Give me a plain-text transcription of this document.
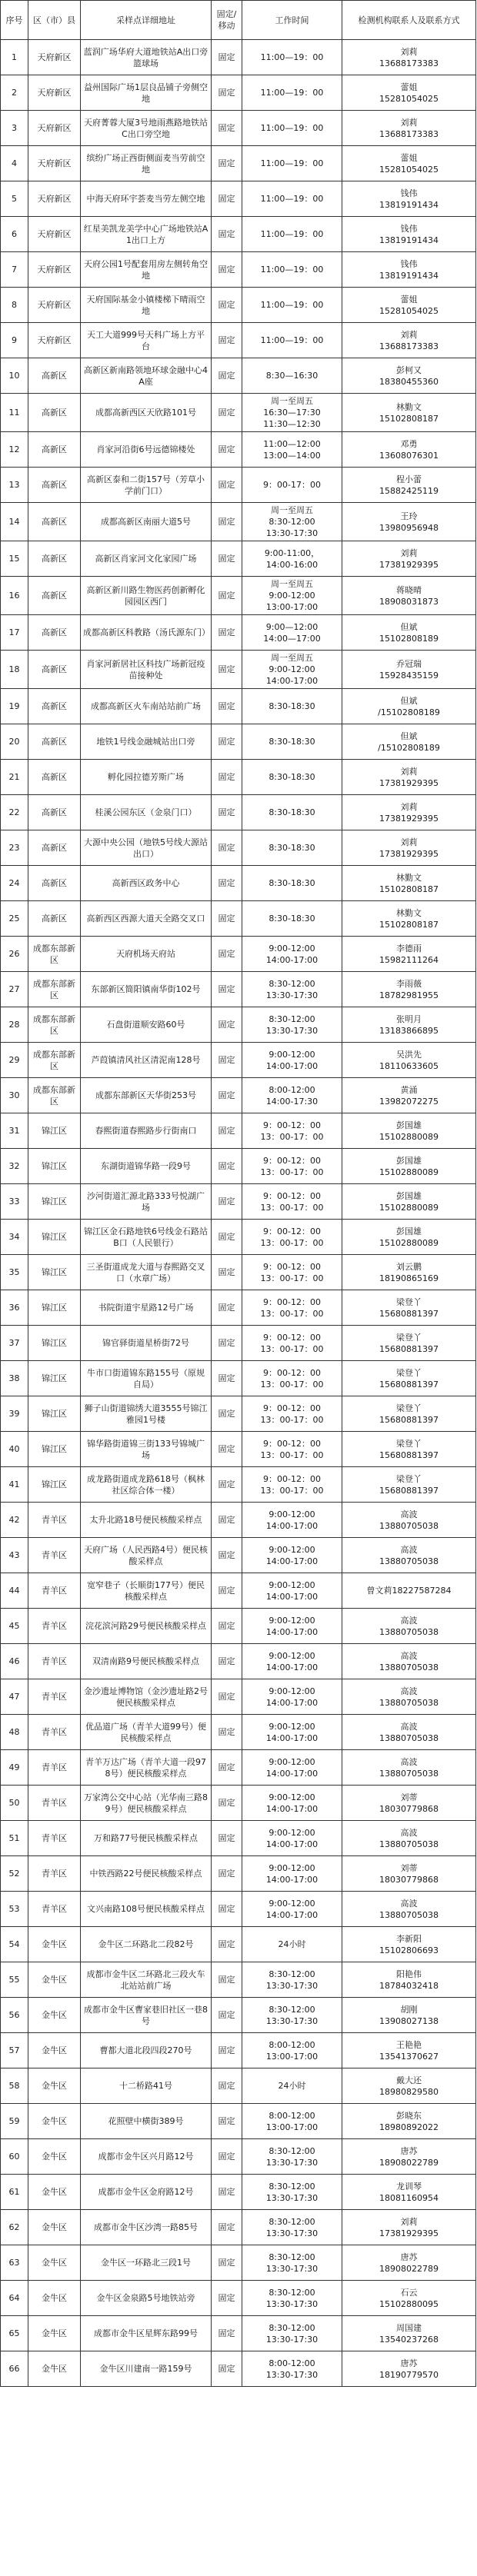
序号	区（市）县	采样点详细地址	固定/移动	工作时间	检测机构联系人及联系方式
1	天府新区	蓝润广场华府大道地铁站A出口旁篮球场	固定	11:00—19：00	刘莉
13688173383
2	天府新区	益州国际广场1层良品铺子旁侧空地	固定	11:00—19：00	蕾姐
15281054025
3	天府新区	天府菁蓉大厦3号地雨燕路地铁站C出口旁空地	固定	11:00—19：00	刘莉
13688173383
4	天府新区	缤纷广场正西街侧面麦当劳前空地	固定	11:00—19：00	蕾姐
15281054025
5	天府新区	中海天府环宇荟麦当劳左侧空地	固定	11:00—19：00	钱伟
13819191434
6	天府新区	红星美凯龙美学中心广场地铁站A1出口上方	固定	11:00—19：00	钱伟
13819191434
7	天府新区	天府公园1号配套用房左侧转角空地	固定	11:00—19：00	钱伟
13819191434
8	天府新区	天府国际基金小镇楼梯下晴雨空地	固定	11:00—19：00	蕾姐
15281054025
9	天府新区	天工大道999号天科广场上方平台	固定	11:00—19：00	刘莉
13688173383
10	高新区	高新区新南路领地环球金融中心4A座	固定	8:30—16:30	彭柯又
18380455360
11	高新区	成都高新西区天欣路101号	固定	周一至周五
16:30—17:30
11:30—12:30	林勤文
15102808187
12	高新区	肖家河沿街6号远德锦楼处	固定	11:00—12:00
13:00—14:00	邓勇
13608076301
13	高新区	高新区泰和二街157号（芳草小学前门口）	固定	9：00-17：00	程小蕾
15882425119
14	高新区	成都高新区南丽大道5号	固定	周一至周五
8:30-12:00
13:30-17:30	王玲
13980956948
15	高新区	高新区肖家河文化家园广场	固定	9:00-11:00，
14:00-16:00	刘莉
17381929395
16	高新区	高新区新川路生物医药创新孵化园园区西门	固定	周一至周五
9:00-12:00
13:00-17:00	蒋晓晴
18908031873
17	高新区	成都高新区科教路（汤氏源东门）	固定	9:00—12:00
14:00—17:00	但斌
15102808189
18	高新区	肖家河新居社区科技广场新冠疫苗接种处	固定	周一至周五
9:00-12:00
14:00-17:00	乔冠瑞
15928435159
19	高新区	成都高新区火车南站站前广场	固定	8:30-18:30	但斌
/15102808189
20	高新区	地铁1号线金融城站出口旁	固定	8:30-18:30	但斌
/15102808189
21	高新区	孵化园拉德芳斯广场	固定	8:30-18:30	刘莉
17381929395
22	高新区	桂溪公园东区（金泉门口）	固定	8:30-18:30	刘莉
17381929395
23	高新区	大源中央公园（地铁5号线大源站出口）	固定	8:30-18:30	刘莉
17381929395
24	高新区	高新西区政务中心	固定	8:30-18:30	林勤文
15102808187
25	高新区	高新西区西源大道天全路交叉口	固定	8:30-18:30	林勤文
15102808187
26	成都东部新区	天府机场天府站	固定	9:00-12:00
14:00-17:00	李德雨
15982111264
27	成都东部新区	东部新区简阳镇南华街102号	固定	8:30-12:00
13:30-17:30	李雨薇
18782981955
28	成都东部新区	石盘街道顺安路60号	固定	8:30-12:00
13:30-17:30	张明月
13183866895
29	成都东部新区	芦葭镇清风社区清泥南128号	固定	9:00-12:00
14:00-17:00	吴洪先
18110633605
30	成都东部新区	成都东部新区天华街253号	固定	8:00-12:00
14:00-17:30	黄涌
13982072275
31	锦江区	春熙街道春熙路步行街南口	固定	9：00-12：00
13：00-17：00	彭国雄
15102880089
32	锦江区	东湖街道锦华路一段9号	固定	9：00-12：00
13：00-17：00	彭国雄
15102880089
33	锦江区	沙河街道汇源北路333号悦湖广场	固定	9：00-12：00
13：00-17：00	彭国雄
15102880089
34	锦江区	锦江区金石路地铁6号线金石路站B口（人民银行）	固定	9：00-12：00
13：00-17：00	彭国雄
15102880089
35	锦江区	三圣街道成龙大道与春熙路交叉口（水章广场）	固定	9：00-12：00
13：00-17：00	刘云鹏
18190865169
36	锦江区	书院街道宇星路12号广场	固定	9：00-12：00
13：00-17：00	梁登丫
15680881397
37	锦江区	锦官驿街道星桥街72号	固定	9：00-12：00
13：00-17：00	梁登丫
15680881397
38	锦江区	牛市口街道锦东路155号（原规自局）	固定	9：00-12：00
13：00-17：00	梁登丫
15680881397
39	锦江区	狮子山街道锦绣大道3555号锦江雅园1号楼	固定	9：00-12：00
13：00-17：00	梁登丫
15680881397
40	锦江区	锦华路街道锦三街133号锦城广场	固定	9：00-12：00
13：00-17：00	梁登丫
15680881397
41	锦江区	成龙路街道成龙路618号（枫林社区综合体一楼）	固定	9：00-12：00
13：00-17：00	梁登丫
15680881397
42	青羊区	太升北路18号便民核酸采样点	固定	9:00-12:00
14:00-17:00	高波
13880705038
43	青羊区	天府广场（人民西路4号）便民核酸采样点	固定	9:00-12:00
14:00-17:00	高波
13880705038
44	青羊区	宽窄巷子（长顺街177号）便民核酸采样点	固定	9:00-12:00
14:00-17:00	曾文莉18227587284
45	青羊区	浣花滨河路29号便民核酸采样点	固定	9:00-12:00
14:00-17:00	高波
13880705038
46	青羊区	双清南路9号便民核酸采样点	固定	9:00-12:00
14:00-17:00	高波
13880705038
47	青羊区	金沙遗址博物馆（金沙遗址路2号便民核酸采样点	固定	9:00-12:00
14:00-17:00	高波
13880705038
48	青羊区	优品道广场（青羊大道99号）便民核酸采样点	固定	9:00-12:00
14:00-17:00	高波
13880705038
49	青羊区	青羊万达广场（青羊大道一段978号）便民核酸采样点	固定	9:00-12:00
14:00-17:00	高波
13880705038
50	青羊区	万家湾公交中心站（光华南三路89号）便民核酸采样点	固定	9:00-12:00
14:00-17:00	刘蒂
18030779868
51	青羊区	万和路77号便民核酸采样点	固定	9:00-12:00
14:00-17:00	高波
13880705038
52	青羊区	中铁西路22号便民核酸采样点	固定	9:00-12:00
14:00-17:00	刘蒂
18030779868
53	青羊区	文兴南路108号便民核酸采样点	固定	9:00-12:00
14:00-17:00	高波
13880705038
54	金牛区	金牛区二环路北二段82号	固定	24小时	李新阳
15102806693
55	金牛区	成都市金牛区二环路北三段火车北站站前广场	固定	8:30-12:00
13:30-17:30	阳艳伟
18784032418
56	金牛区	成都市金牛区曹家巷旧社区一巷8号	固定	8:30-12:00
13:30-17:30	胡刚
13908027138
57	金牛区	曹都大道北段四段270号	固定	8:00-12:00
13:00-17:00	王艳艳
13541370627
58	金牛区	十二桥路41号	固定	24小时	戴大还
18980829580
59	金牛区	花照壁中横街389号	固定	8:00-12:00
13:00-17:00	彭晓东
18980892022
60	金牛区	成都市金牛区兴月路12号	固定	8:30-12:00
13:30-17:30	唐苏
18908022789
61	金牛区	成都市金牛区金府路12号	固定	8:30-12:00
13:30-17:30	龙训琴
18081160954
62	金牛区	成都市金牛区沙湾一路85号	固定	8:30-12:00
13:30-17:30	刘莉
17381929395
63	金牛区	金牛区一环路北三段1号	固定	8:30-12:00
13:30-17:30	唐苏
18908022789
64	金牛区	金牛区金泉路5号地铁站旁	固定	8:30-12:00
13:30-17:30	石云
15102880095
65	金牛区	成都市金牛区星辉东路99号	固定	8:30-12:00
13:30-17:30	周国建
13540237268
66	金牛区	金牛区川建南一路159号	固定	8:00-12:00
13:30-17:30	唐苏
18190779570
